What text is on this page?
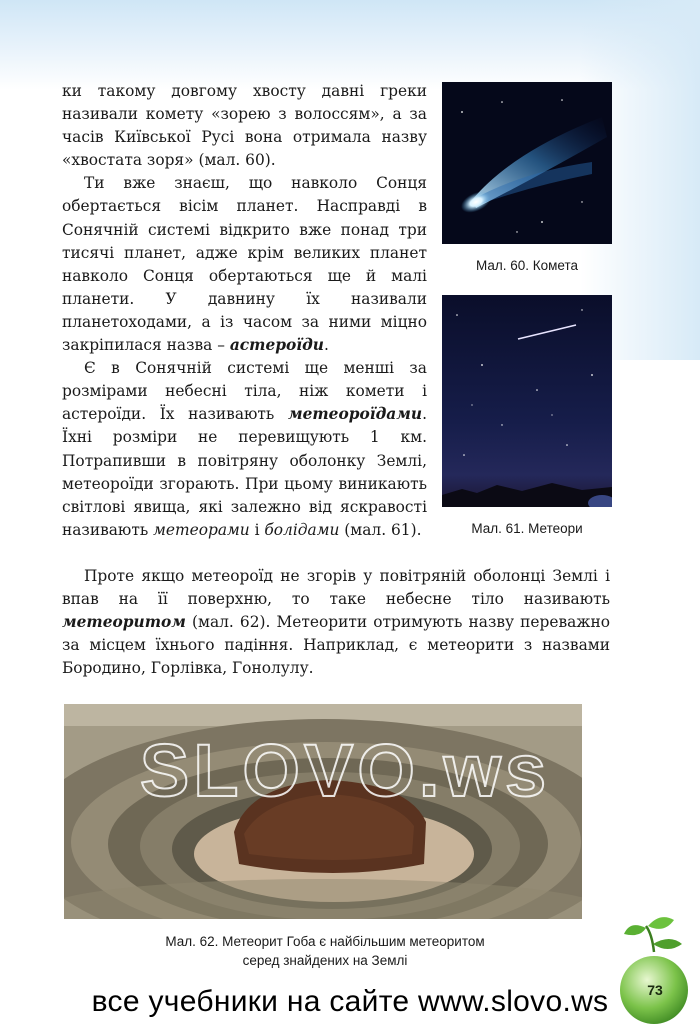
ки такому довгому хвосту давні греки називали комету «зорею з волоссям», а за часів Київської Русі вона отримала назву «хвостата зоря» (мал. 60).

Ти вже знаєш, що навколо Сонця обертається вісім планет. Насправді в Сонячній системі відкрито вже понад три тисячі планет, адже крім великих планет навколо Сонця обертаються ще й малі планети. У давнину їх називали планетоходами, а із часом за ними міцно закріпилася назва – астероїди.

Є в Сонячній системі ще менші за розмірами небесні тіла, ніж комети і астероїди. Їх називають метеороїдами. Їхні розміри не перевищують 1 км. Потрапивши в повітряну оболонку Землі, метеороїди згорають. При цьому виникають світлові явища, які залежно від яскравості називають метеорами і болідами (мал. 61).

Мал. 60. Комета
Мал. 61. Метеори

Проте якщо метеороїд не згорів у повітряній оболонці Землі і впав на її поверхню, то таке небесне тіло називають метеоритом (мал. 62). Метеорити отримують назву переважно за місцем їхнього падіння. Наприклад, є метеорити з назвами Бородино, Горлівка, Гонолулу.

SLOVO.ws
Мал. 62. Метеорит Гоба є найбільшим метеоритом
серед знайдених на Землі
73
все учебники на сайте www.slovo.ws
